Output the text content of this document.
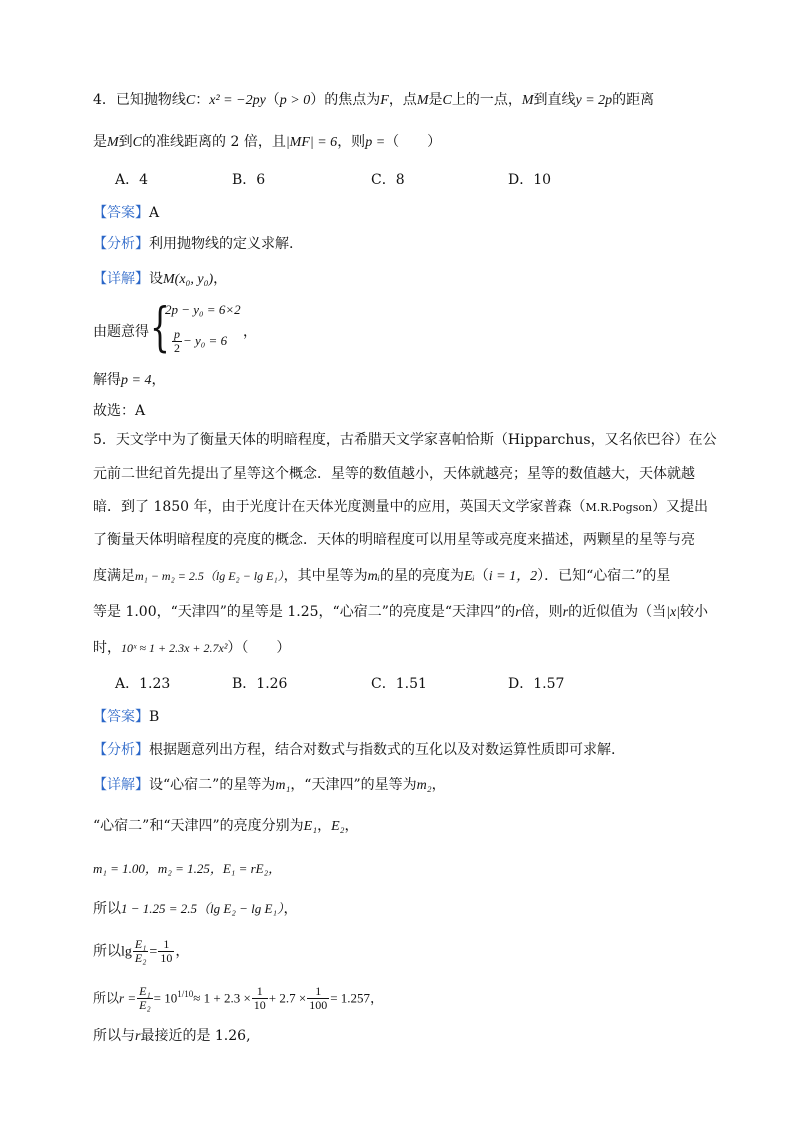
4．已知抛物线C：x² = −2py（p > 0）的焦点为F，点M是C上的一点，M到直线y = 2p的距离
是M到C的准线距离的 2 倍，且|MF| = 6，则p =（　　）
A．4	B．6	C．8	D．10
【答案】A
【分析】利用抛物线的定义求解.
【详解】设M(x₀, y₀)，
由题意得 {
2p − y₀ = 6×2
$\frac{p}{2} - y_0 = 6$
，
解得p = 4，
故选：A
5．天文学中为了衡量天体的明暗程度，古希腊天文学家喜帕恰斯（Hipparchus，又名依巴谷）在公
元前二世纪首先提出了星等这个概念．星等的数值越小，天体就越亮；星等的数值越大，天体就越
暗．到了 1850 年，由于光度计在天体光度测量中的应用，英国天文学家普森（M.R.Pogson）又提出
了衡量天体明暗程度的亮度的概念．天体的明暗程度可以用星等或亮度来描述，两颗星的星等与亮
度满足m₁ − m₂ = 2.5（lg E₂ − lg E₁），其中星等为mᵢ的星的亮度为Eᵢ（i = 1，2）．已知“心宿二”的星
等是 1.00，“天津四”的星等是 1.25，“心宿二”的亮度是“天津四”的r倍，则r的近似值为（当|x|较小
时，10ˣ ≈ 1 + 2.3x + 2.7x²）（　　）
A．1.23	B．1.26	C．1.51	D．1.57
【答案】B
【分析】根据题意列出方程，结合对数式与指数式的互化以及对数运算性质即可求解.
【详解】设“心宿二”的星等为m₁，“天津四”的星等为m₂，
“心宿二”和“天津四”的亮度分别为E₁，E₂，
m₁ = 1.00，m₂ = 1.25，E₁ = rE₂，
所以1 − 1.25 = 2.5（lg E₂ − lg E₁），
所以$\lg \frac{\text{E₁}}{\text{E₂}} = \frac{1}{10}$ ，
所以$r = \frac{\text{E₁}}{\text{E₂}} = 10^{1/10}\approx 1 + 2.3 \times \frac{1}{10} + 2.7 \times \frac{1}{100} = 1.257$，
所以与r最接近的是 1.26,
